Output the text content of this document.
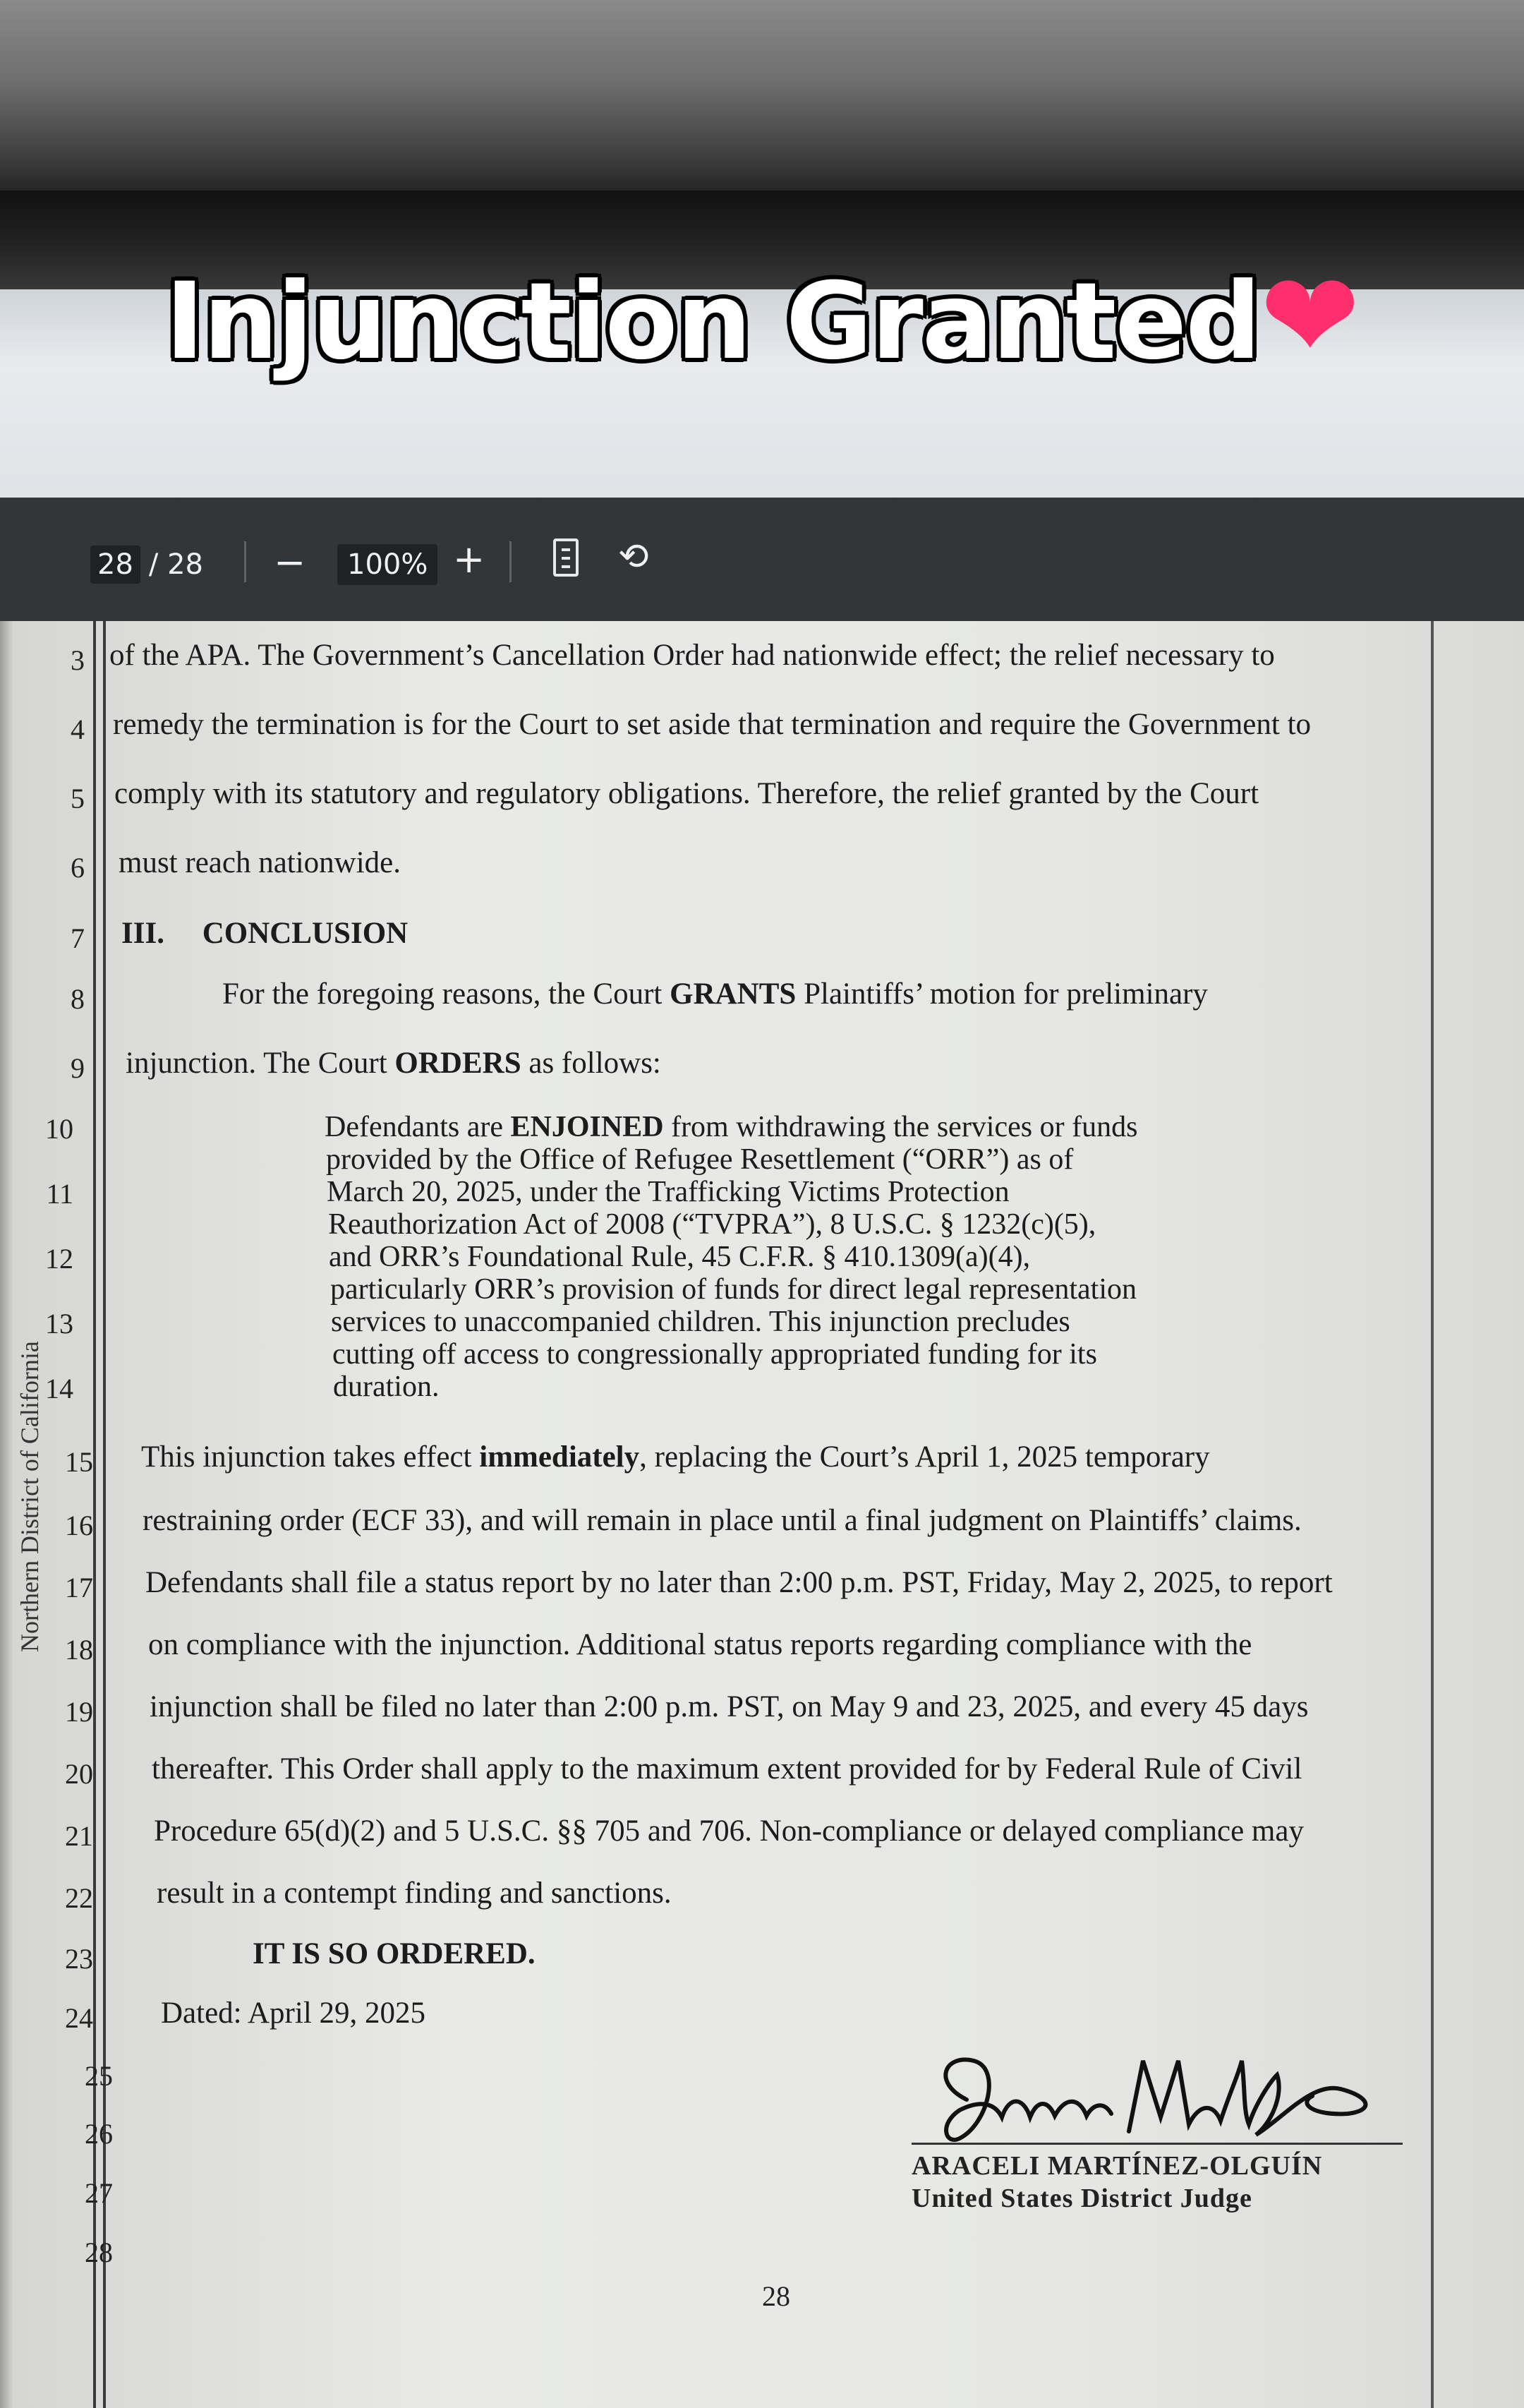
Injunction Granted❤
28 / 28 −	100% +	⟲
Northern District of California
3 of the APA. The Government’s Cancellation Order had nationwide effect; the relief necessary to
4 remedy the termination is for the Court to set aside that termination and require the Government to
5 comply with its statutory and regulatory obligations. Therefore, the relief granted by the Court
6 must reach nationwide.
7 III.     CONCLUSION
8	For the foregoing reasons, the Court GRANTS Plaintiffs’ motion for preliminary
9 injunction. The Court ORDERS as follows:
15 This injunction takes effect immediately, replacing the Court’s April 1, 2025 temporary
16 restraining order (ECF 33), and will remain in place until a final judgment on Plaintiffs’ claims.
17 Defendants shall file a status report by no later than 2:00 p.m. PST, Friday, May 2, 2025, to report
18 on compliance with the injunction. Additional status reports regarding compliance with the
19 injunction shall be filed no later than 2:00 p.m. PST, on May 9 and 23, 2025, and every 45 days
20 thereafter. This Order shall apply to the maximum extent provided for by Federal Rule of Civil
21 Procedure 65(d)(2) and 5 U.S.C. §§ 705 and 706. Non-compliance or delayed compliance may
22 result in a contempt finding and sanctions.
23	IT IS SO ORDERED.
24 Dated: April 29, 2025
10
11
12
13
14
25
26
27
28
Defendants are ENJOINED from withdrawing the services or funds
provided by the Office of Refugee Resettlement (“ORR”) as of
March 20, 2025, under the Trafficking Victims Protection
Reauthorization Act of 2008 (“TVPRA”), 8 U.S.C. § 1232(c)(5),
and ORR’s Foundational Rule, 45 C.F.R. § 410.1309(a)(4),
particularly ORR’s provision of funds for direct legal representation
services to unaccompanied children. This injunction precludes
cutting off access to congressionally appropriated funding for its
duration.
ARACELI MARTÍNEZ-OLGUÍN
United States District Judge
28
